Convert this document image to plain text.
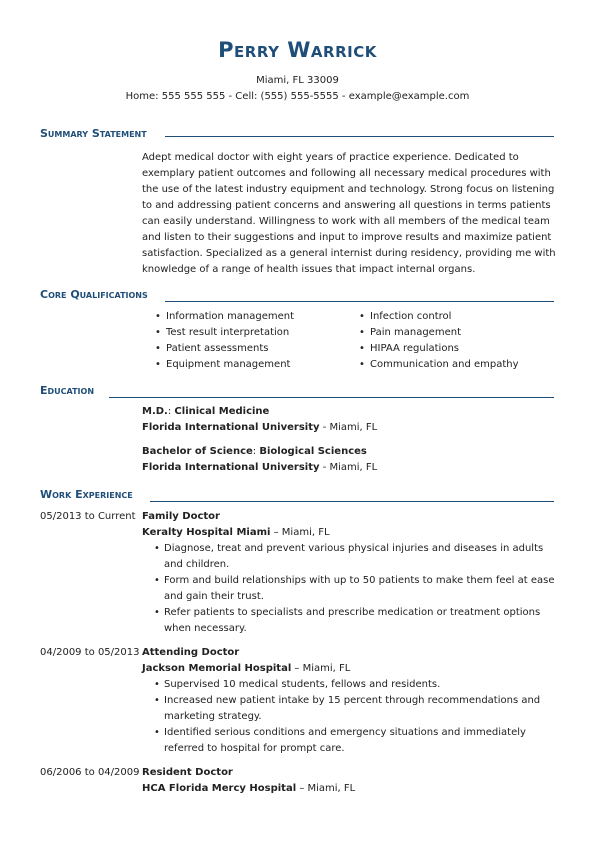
Perry Warrick
Miami, FL 33009
Home: 555 555 555 - Cell: (555) 555-5555 - example@example.com
Summary Statement

Adept medical doctor with eight years of practice experience. Dedicated to exemplary patient outcomes and following all necessary medical procedures with the use of the latest industry equipment and technology. Strong focus on listening to and addressing patient concerns and answering all questions in terms patients can easily understand. Willingness to work with all members of the medical team and listen to their suggestions and input to improve results and maximize patient satisfaction. Specialized as a general internist during residency, providing me with knowledge of a range of health issues that impact internal organs.

Core Qualifications
• Information management
• Test result interpretation
• Patient assessments
• Equipment management
• Infection control
• Pain management
• HIPAA regulations
• Communication and empathy
Education
M.D.: Clinical Medicine
Florida International University - Miami, FL
Bachelor of Science: Biological Sciences
Florida International University - Miami, FL
Work Experience
05/2013 to Current Family Doctor
Keralty Hospital Miami – Miami, FL
• Diagnose, treat and prevent various physical injuries and diseases in adults and children.
• Form and build relationships with up to 50 patients to make them feel at ease and gain their trust.
• Refer patients to specialists and prescribe medication or treatment options when necessary.
04/2009 to 05/2013 Attending Doctor
Jackson Memorial Hospital – Miami, FL
• Supervised 10 medical students, fellows and residents.
• Increased new patient intake by 15 percent through recommendations and marketing strategy.
• Identified serious conditions and emergency situations and immediately referred to hospital for prompt care.
06/2006 to 04/2009 Resident Doctor
HCA Florida Mercy Hospital – Miami, FL
